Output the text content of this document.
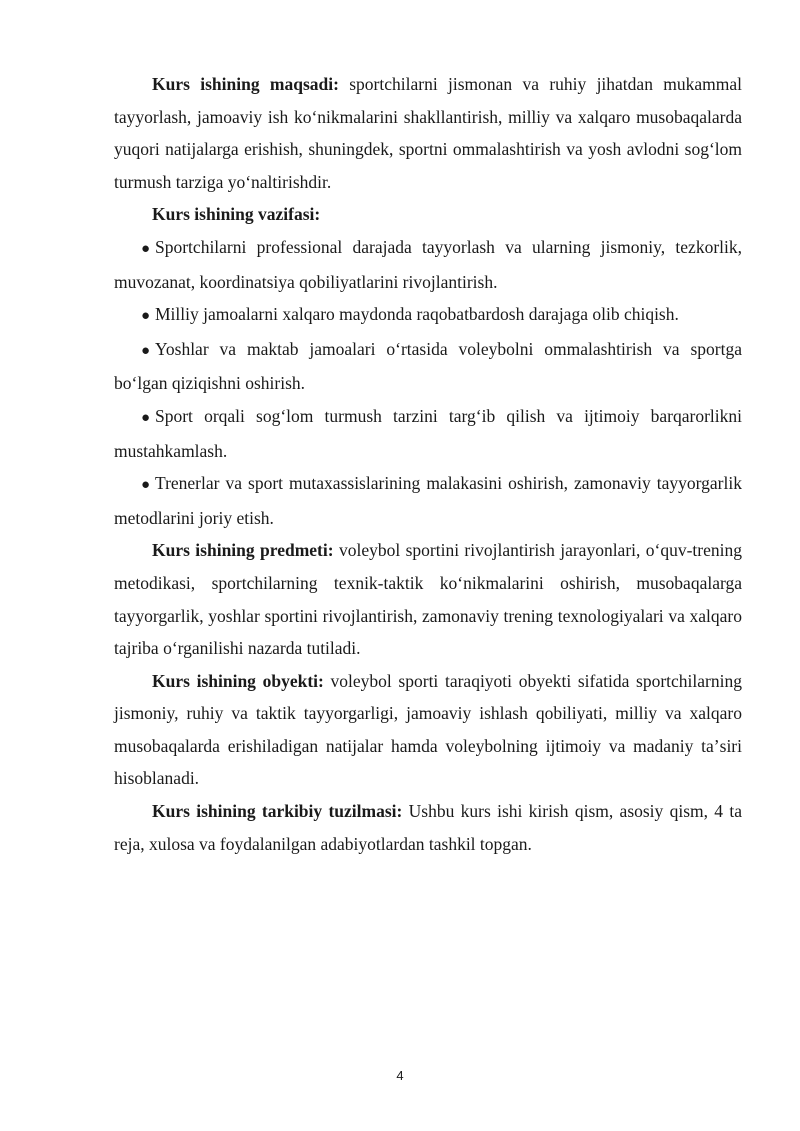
Kurs ishining maqsadi: sportchilarni jismonan va ruhiy jihatdan mukammal tayyorlash, jamoaviy ish koʻnikmalarini shakllantirish, milliy va xalqaro musobaqalarda yuqori natijalarga erishish, shuningdek, sportni ommalashtirish va yosh avlodni sogʻlom turmush tarziga yoʻnaltirishdir.

Kurs ishining vazifasi:

● Sportchilarni professional darajada tayyorlash va ularning jismoniy, tezkorlik, muvozanat, koordinatsiya qobiliyatlarini rivojlantirish.

● Milliy jamoalarni xalqaro maydonda raqobatbardosh darajaga olib chiqish.

● Yoshlar va maktab jamoalari oʻrtasida voleybolni ommalashtirish va sportga boʻlgan qiziqishni oshirish.

● Sport orqali sogʻlom turmush tarzini targʻib qilish va ijtimoiy barqarorlikni mustahkamlash.

● Trenerlar va sport mutaxassislarining malakasini oshirish, zamonaviy tayyorgarlik metodlarini joriy etish.

Kurs ishining predmeti: voleybol sportini rivojlantirish jarayonlari, oʻquv-trening metodikasi, sportchilarning texnik-taktik koʻnikmalarini oshirish, musobaqalarga tayyorgarlik, yoshlar sportini rivojlantirish, zamonaviy trening texnologiyalari va xalqaro tajriba oʻrganilishi nazarda tutiladi.

Kurs ishining obyekti: voleybol sporti taraqiyoti obyekti sifatida sportchilarning jismoniy, ruhiy va taktik tayyorgarligi, jamoaviy ishlash qobiliyati, milliy va xalqaro musobaqalarda erishiladigan natijalar hamda voleybolning ijtimoiy va madaniy taʼsiri hisoblanadi.

Kurs ishining tarkibiy tuzilmasi: Ushbu kurs ishi kirish qism, asosiy qism, 4 ta reja, xulosa va foydalanilgan adabiyotlardan tashkil topgan.

4
